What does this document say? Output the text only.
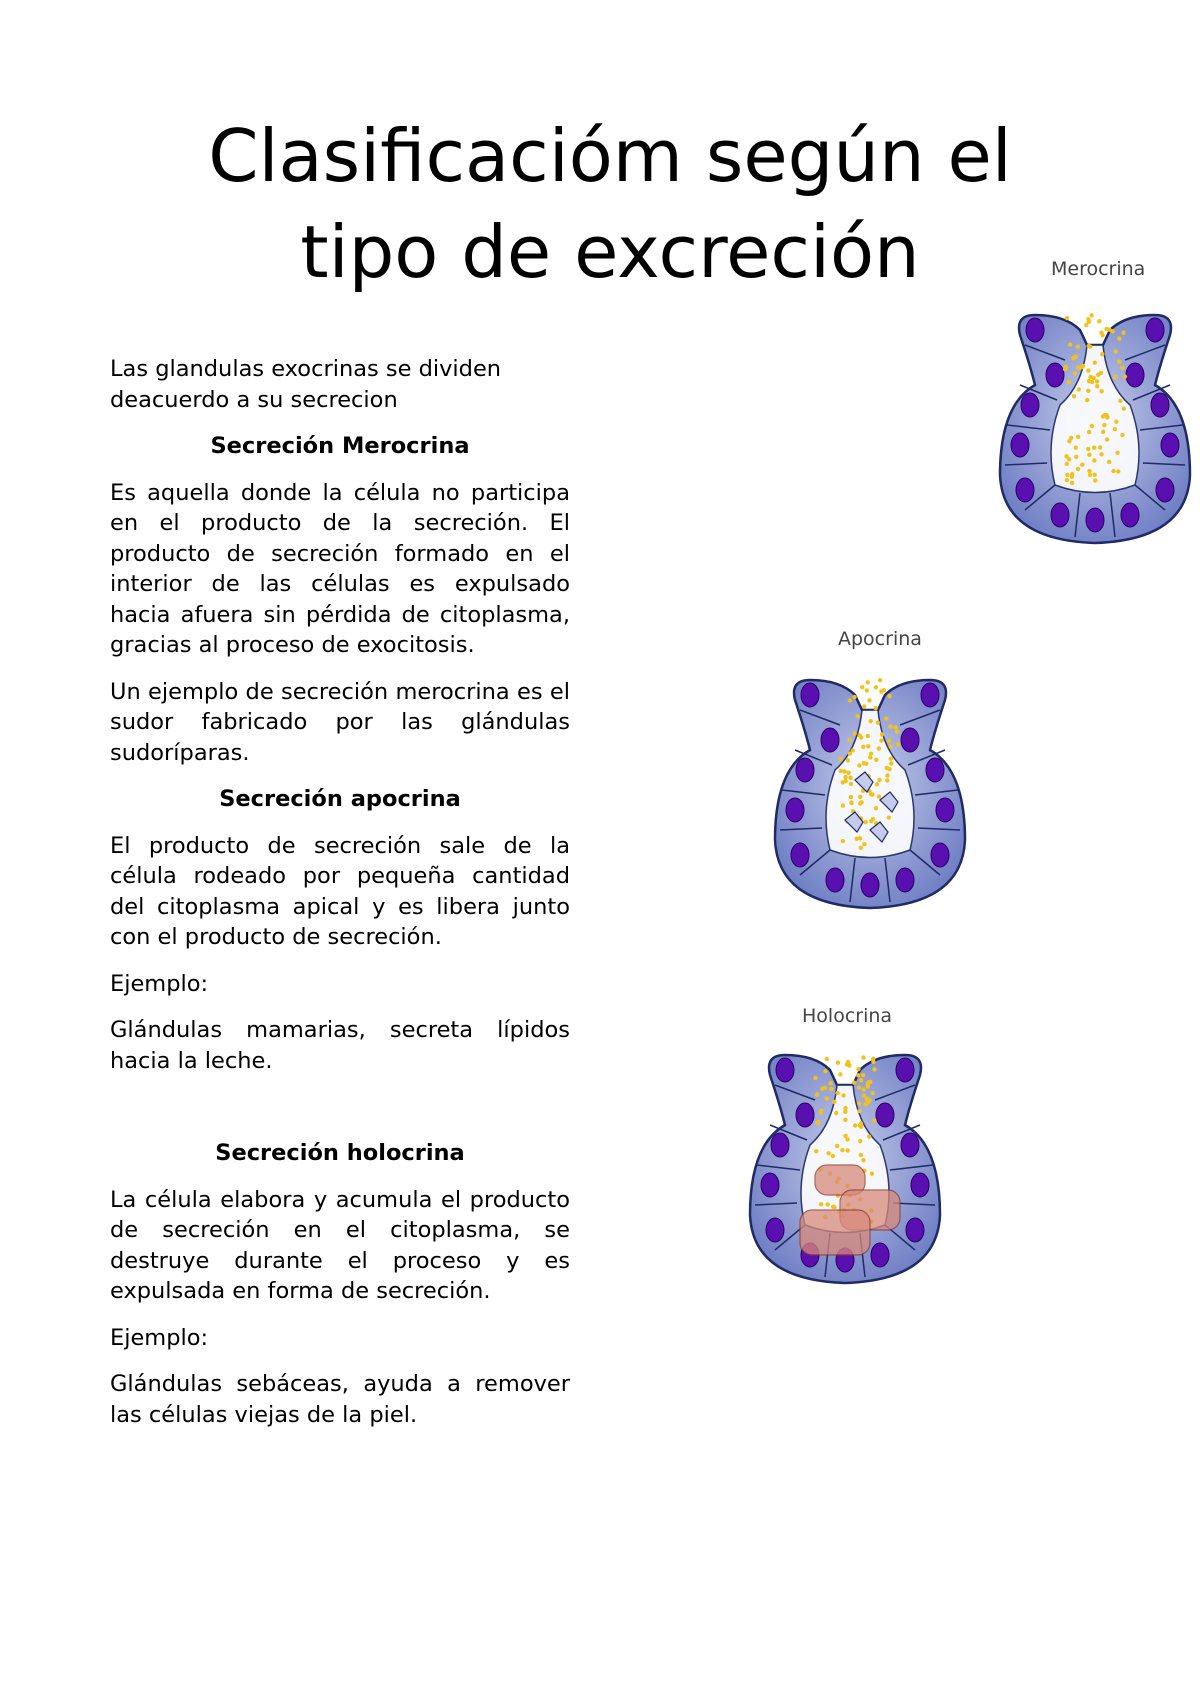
Clasificacióm según el
tipo de excreción

Las glandulas exocrinas se dividen deacuerdo a su secrecion

Secreción Merocrina

Es aquella donde la célula no participa en el producto de la secreción. El producto de secreción formado en el interior de las células es expulsado hacia afuera sin pérdida de citoplasma, gracias al proceso de exocitosis.

Un ejemplo de secreción merocrina es el sudor fabricado por las glándulas sudoríparas.

Secreción apocrina

El producto de secreción sale de la célula rodeado por pequeña cantidad del citoplasma apical y es libera junto con el producto de secreción.

Ejemplo:

Glándulas mamarias, secreta lípidos hacia la leche.

Secreción holocrina

La célula elabora y acumula el producto de secreción en el citoplasma, se destruye durante el proceso y es expulsada en forma de secreción.

Ejemplo:

Glándulas sebáceas, ayuda a remover las células viejas de la piel.

Merocrina
Apocrina
Holocrina
